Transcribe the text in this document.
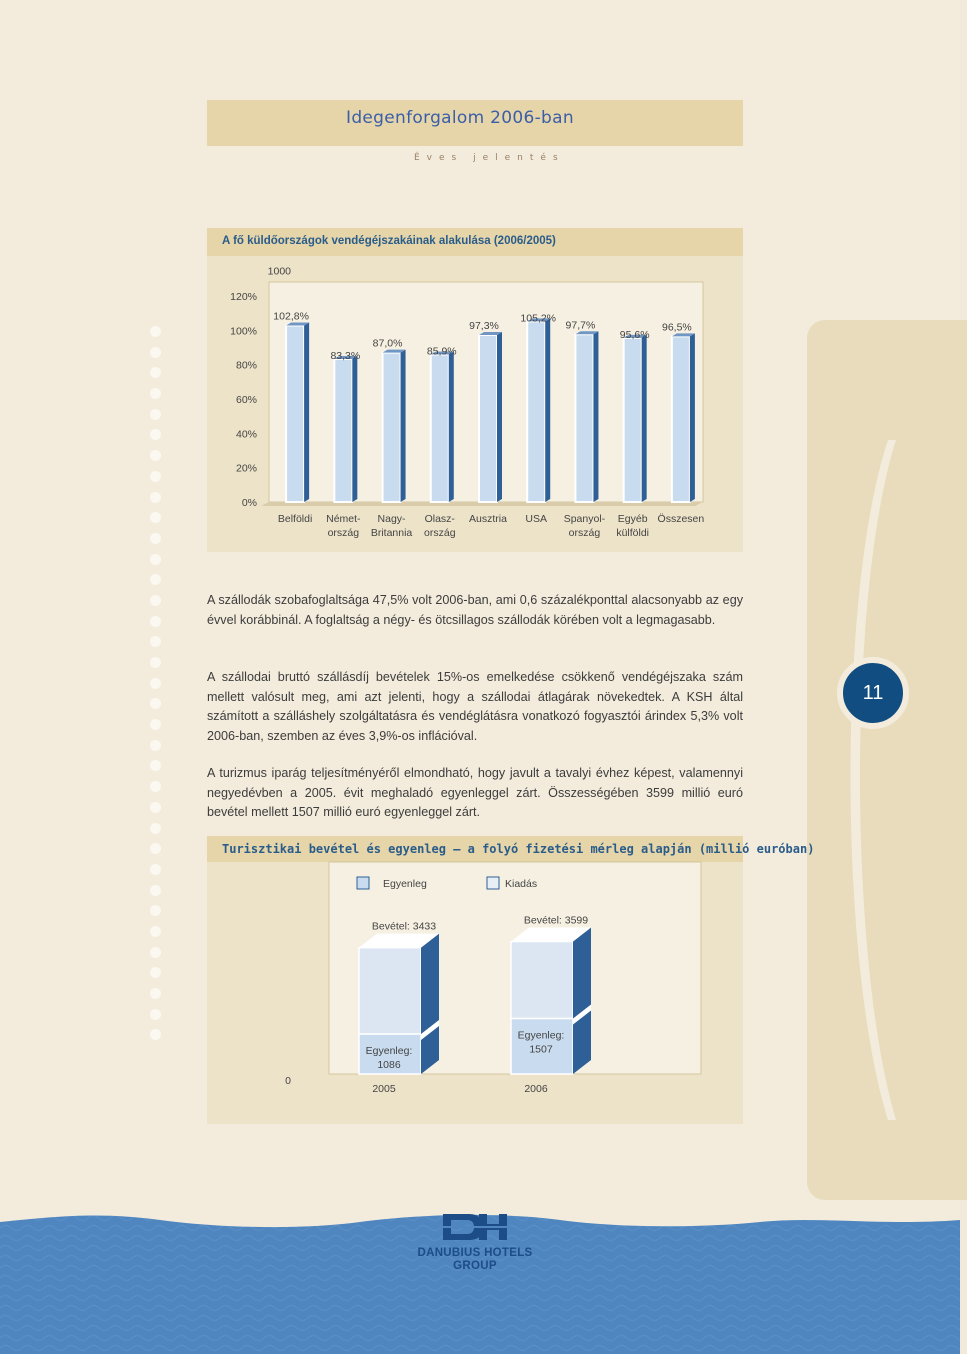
Idegenforgalom 2006-ban
Éves jelentés
11
A fő küldőországok vendégéjszakáinak alakulása (2006/2005)
0%
20%
40%
60%
80%
100%
120%
102,8%
Belföldi
83,3%
Német-
ország
87,0%
Nagy-
Britannia
85,9%
Olasz-
ország
97,3%
Ausztria
105,2%
USA
97,7%
Spanyol-
ország
95,6%
Egyéb
külföldi
96,5%
Összesen

A szállodák szobafoglaltsága 47,5% volt 2006-ban, ami 0,6 százalékponttal alacsonyabb az egy évvel korábbinál. A foglaltság a négy- és ötcsillagos szállodák körében volt a legmagasabb.

A szállodai bruttó szállásdíj bevételek 15%-os emelkedése csökkenő vendégéjszaka szám mellett valósult meg, ami azt jelenti, hogy a szállodai átlagárak növekedtek. A KSH által számított a szálláshely szolgáltatásra és vendéglátásra vonatkozó fogyasztói árindex 5,3% volt 2006-ban, szemben az éves 3,9%-os inflációval.

A turizmus iparág teljesítményéről elmondható, hogy javult a tavalyi évhez képest, valamennyi negyedévben a 2005. évit meghaladó egyenleggel zárt. Összességében 3599 millió euró bevétel mellett 1507 millió euró egyenleggel zárt.

Turisztikai bevétel és egyenleg – a folyó fizetési mérleg alapján (millió euróban)
0
1000
Egyenleg	Kiadás
Bevétel: 3433
Egyenleg:
1086
2005
Bevétel: 3599
Egyenleg:
1507
2006
DANUBIUS HOTELS
GROUP
